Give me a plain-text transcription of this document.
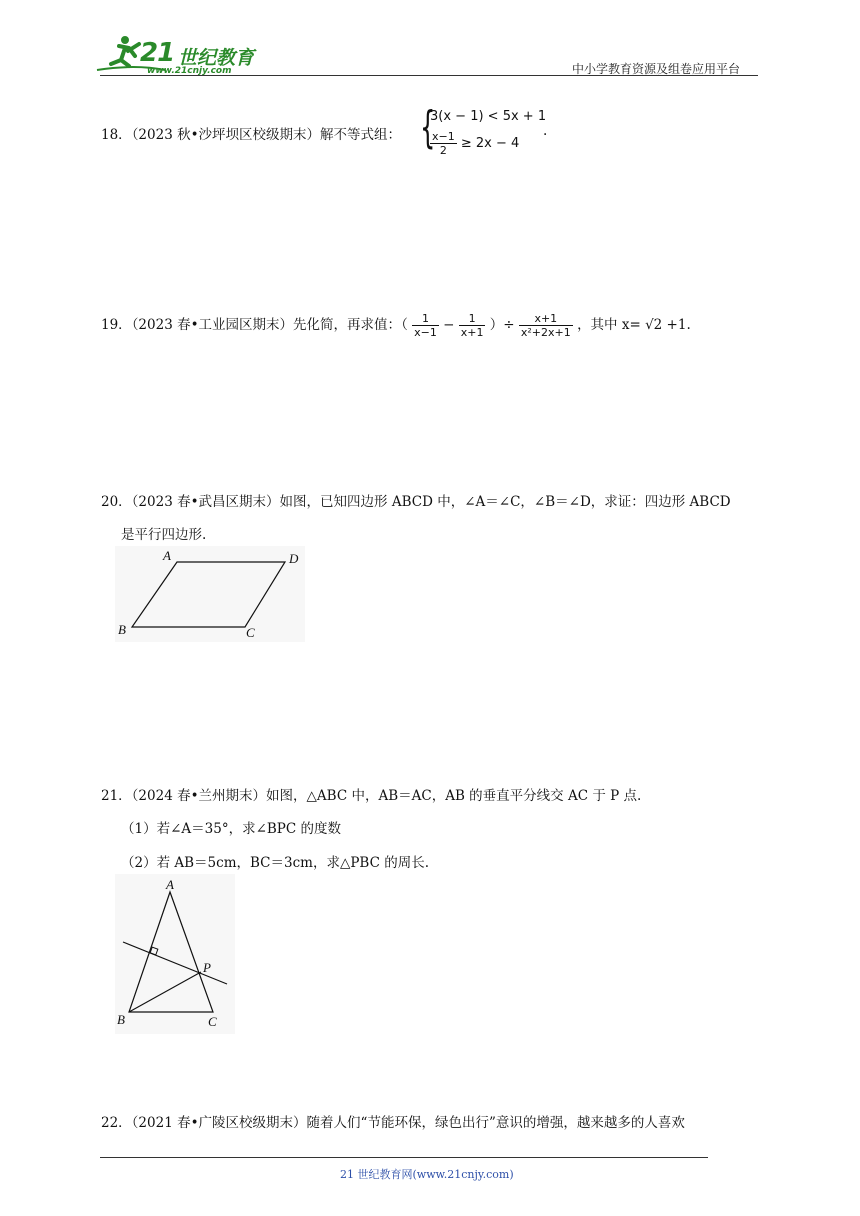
21 世纪教育
www.21cnjy.com	中小学教育资源及组卷应用平台
18．（2023 秋•沙坪坝区校级期末）解不等式组： {
3(x − 1) < 5x + 1
$\frac{x-1}{2} \ge 2x - 4$
.
19．（2023 春•工业园区期末）先化简，再求值：（ $\frac{1}{x-1} - \frac{1}{x+1}$ ）÷ $\frac{x+1}{\text{x²+2x+1}}$ ，其中 x= √2 +1.
20．（2023 春•武昌区期末）如图，已知四边形 ABCD 中，∠A＝∠C，∠B＝∠D，求证：四边形 ABCD
是平行四边形.
A	D
B	C
21．（2024 春•兰州期末）如图，△ABC 中，AB＝AC，AB 的垂直平分线交 AC 于 P 点.
（1）若∠A＝35°，求∠BPC 的度数
（2）若 AB＝5cm，BC＝3cm，求△PBC 的周长.
A
P
B	C
22．（2021 春•广陵区校级期末）随着人们“节能环保，绿色出行”意识的增强，越来越多的人喜欢
21 世纪教育网(www.21cnjy.com)
